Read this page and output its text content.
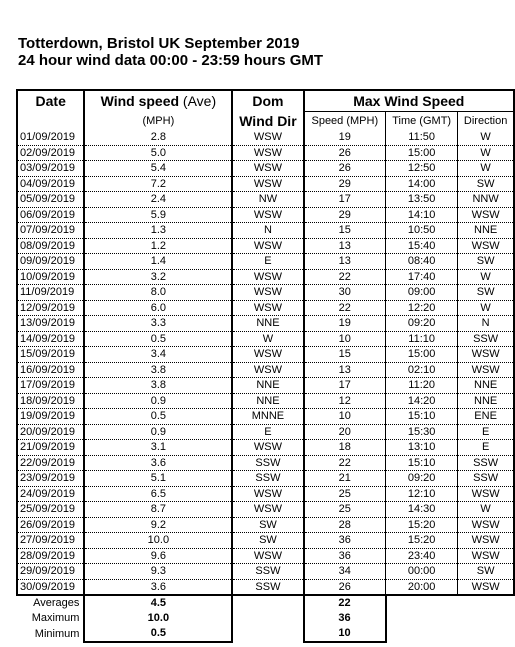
Totterdown, Bristol UK September 2019
24 hour wind data 00:00 - 23:59 hours GMT
Date	Wind speed (Ave)	Dom	Max Wind Speed		
	(MPH)	Wind Dir	Speed (MPH)	Time (GMT)	Direction
01/09/2019	2.8	WSW	19	11:50	W
02/09/2019	5.0	WSW	26	15:00	W
03/09/2019	5.4	WSW	26	12:50	W
04/09/2019	7.2	WSW	29	14:00	SW
05/09/2019	2.4	NW	17	13:50	NNW
06/09/2019	5.9	WSW	29	14:10	WSW
07/09/2019	1.3	N	15	10:50	NNE
08/09/2019	1.2	WSW	13	15:40	WSW
09/09/2019	1.4	E	13	08:40	SW
10/09/2019	3.2	WSW	22	17:40	W
11/09/2019	8.0	WSW	30	09:00	SW
12/09/2019	6.0	WSW	22	12:20	W
13/09/2019	3.3	NNE	19	09:20	N
14/09/2019	0.5	W	10	11:10	SSW
15/09/2019	3.4	WSW	15	15:00	WSW
16/09/2019	3.8	WSW	13	02:10	WSW
17/09/2019	3.8	NNE	17	11:20	NNE
18/09/2019	0.9	NNE	12	14:20	NNE
19/09/2019	0.5	MNNE	10	15:10	ENE
20/09/2019	0.9	E	20	15:30	E
21/09/2019	3.1	WSW	18	13:10	E
22/09/2019	3.6	SSW	22	15:10	SSW
23/09/2019	5.1	SSW	21	09:20	SSW
24/09/2019	6.5	WSW	25	12:10	WSW
25/09/2019	8.7	WSW	25	14:30	W
26/09/2019	9.2	SW	28	15:20	WSW
27/09/2019	10.0	SW	36	15:20	WSW
28/09/2019	9.6	WSW	36	23:40	WSW
29/09/2019	9.3	SSW	34	00:00	SW
30/09/2019	3.6	SSW	26	20:00	WSW
Averages	4.5		22		
Maximum	10.0		36		
Minimum	0.5		10		
